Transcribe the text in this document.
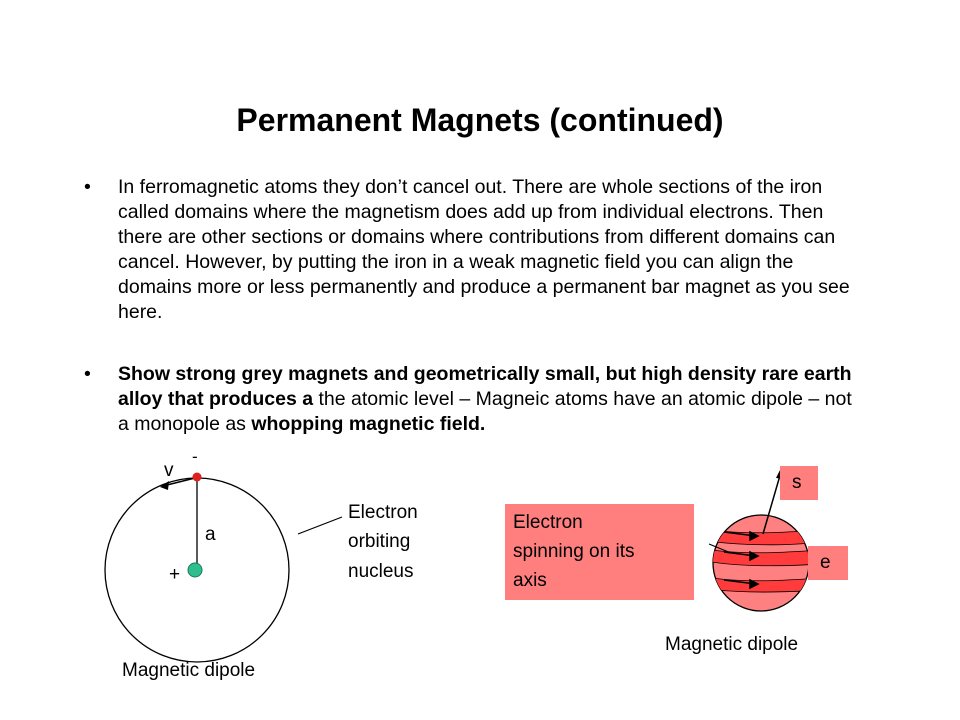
Permanent Magnets (continued)
• In ferromagnetic atoms they don’t cancel out. There are whole sections of the iron called domains where the magnetism does add up from individual electrons. Then there are other sections or domains where contributions from different domains can cancel. However, by putting the iron in a weak magnetic field you can align the domains more or less permanently and produce a permanent bar magnet as you see here.
• Show strong grey magnets and geometrically small, but high density rare earth alloy that produces a the atomic level – Magneic atoms have an atomic dipole – not a monopole as whopping magnetic field.
v
-
a
+
Electron
orbiting
nucleus
Magnetic dipole
Electron
spinning on its
axis
s
e
Magnetic dipole
